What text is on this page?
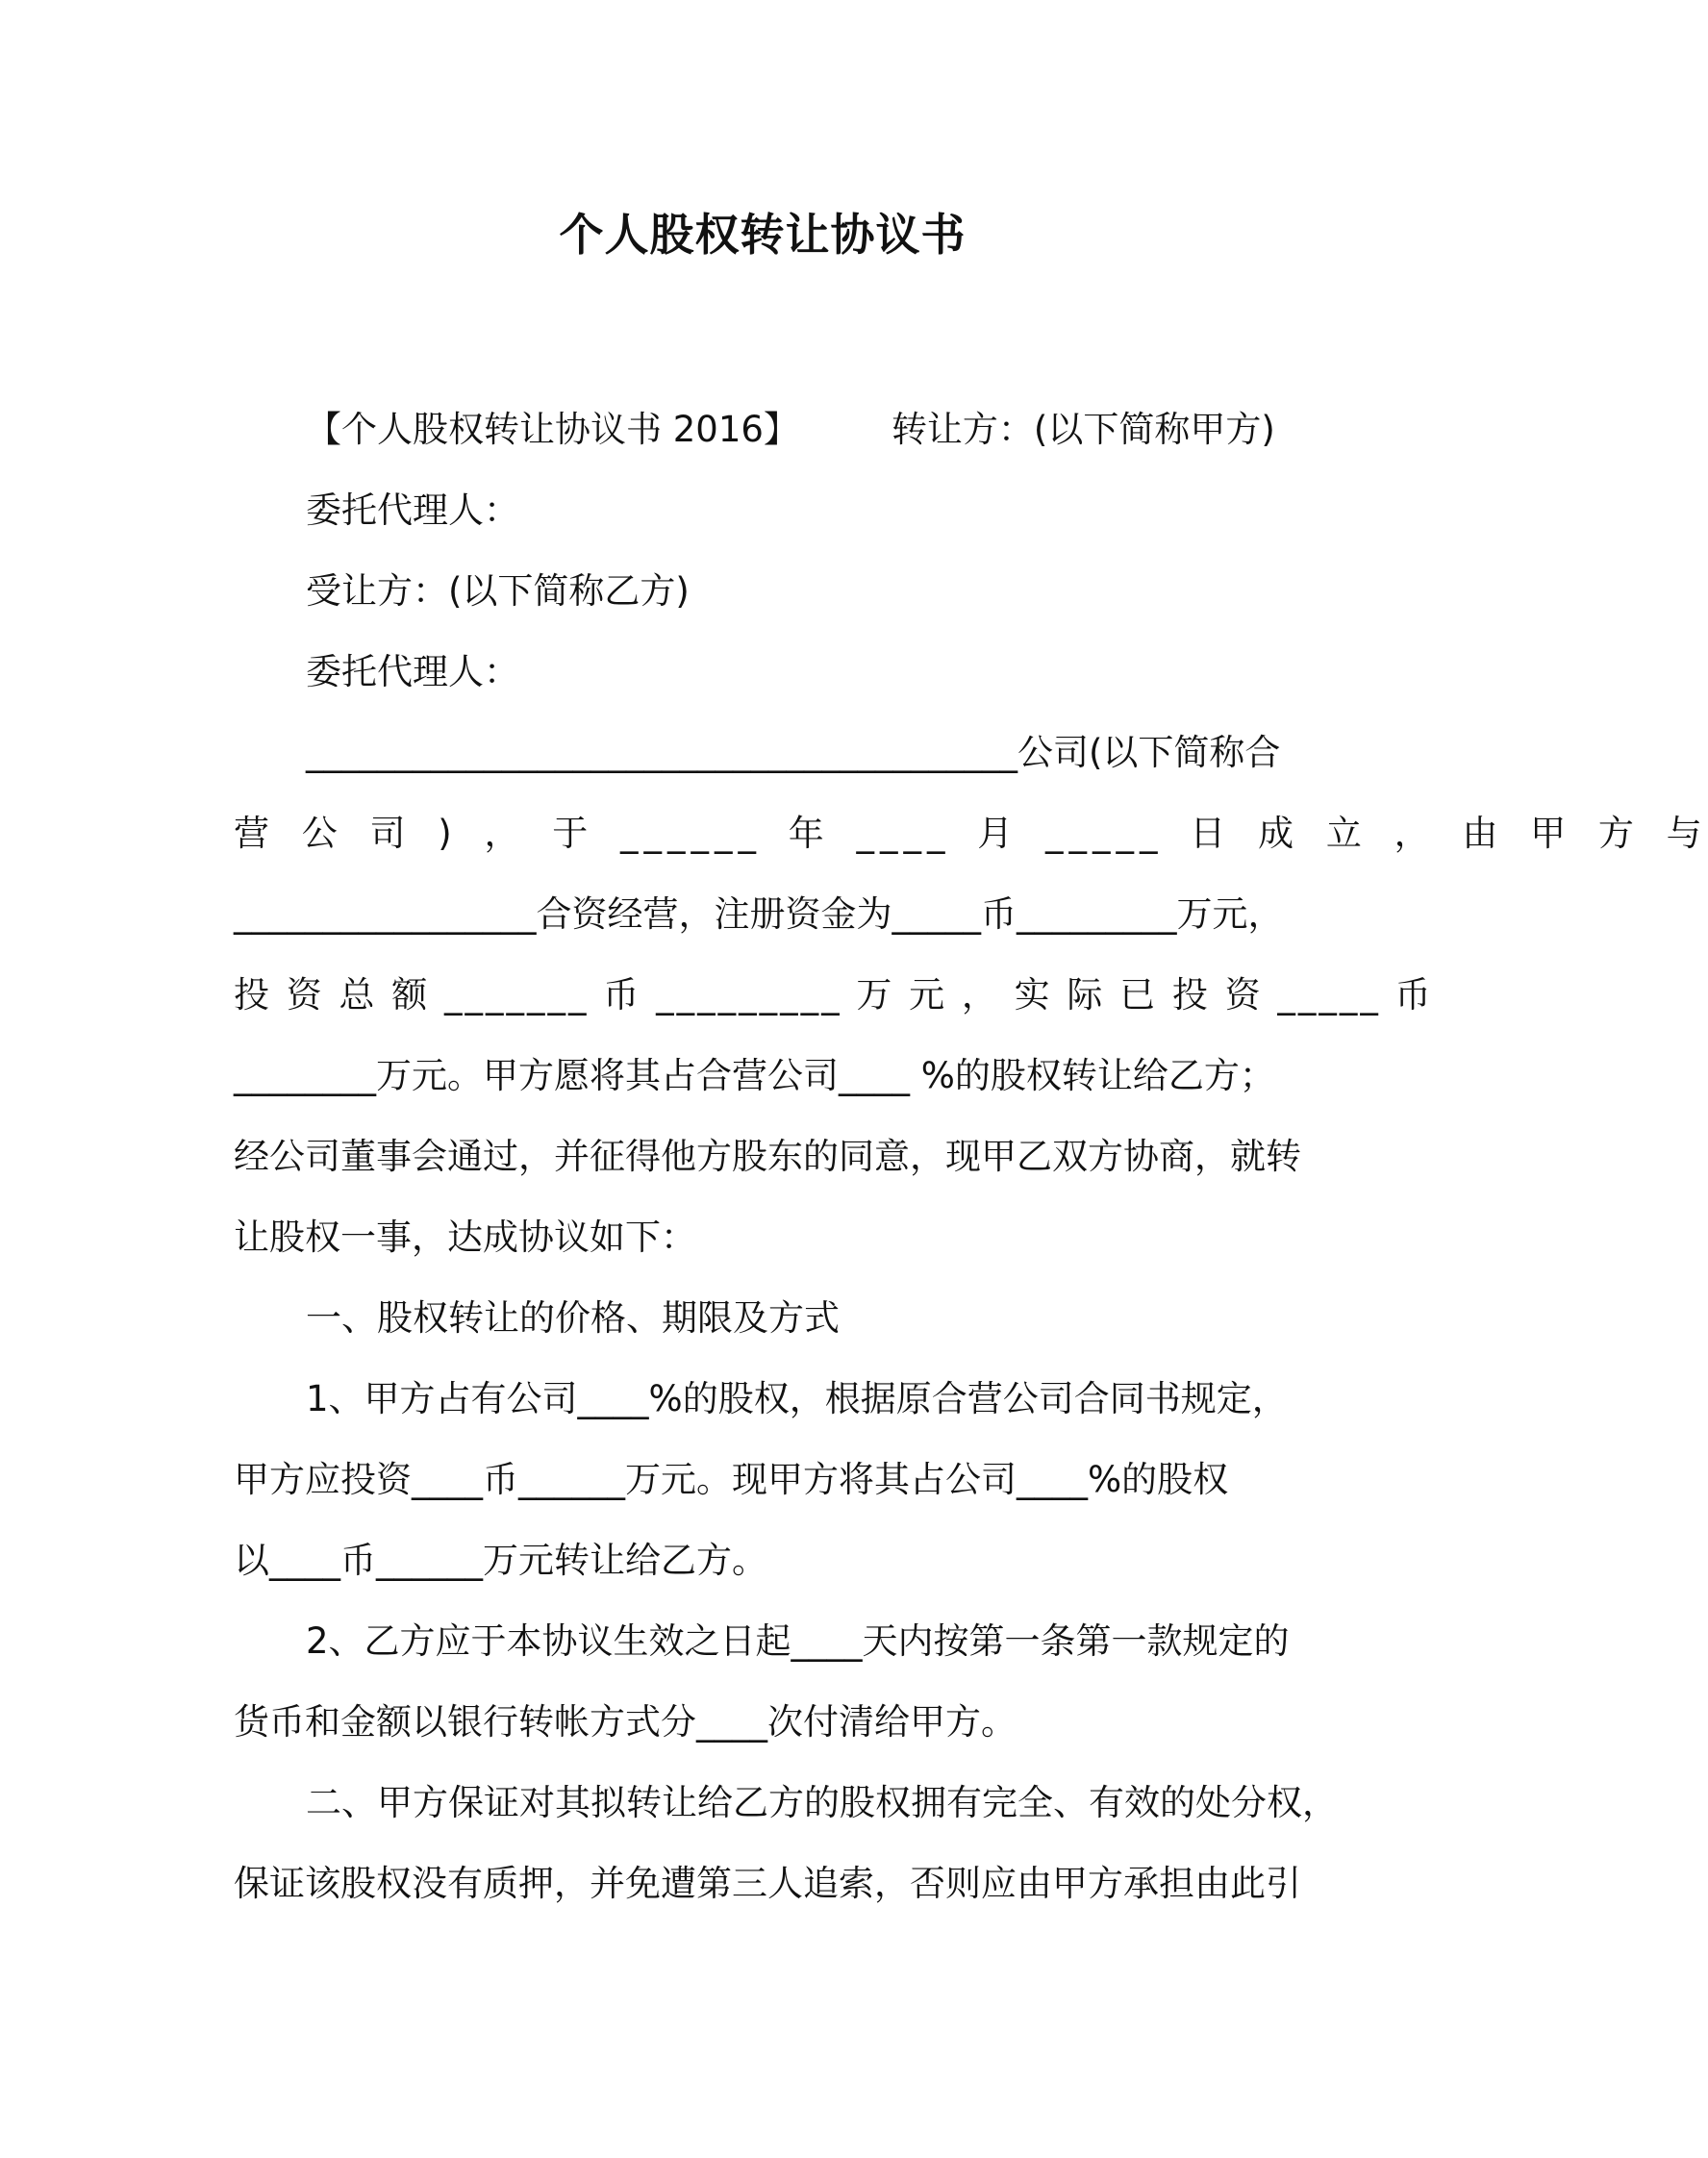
个人股权转让协议书

【个人股权转让协议书 2016】	转让方：(以下简称甲方)

委托代理人：

受让方：(以下简称乙方)

委托代理人：

________________________________________公司(以下简称合

营 公 司 ) ， 于 ______ 年 ____ 月 _____ 日 成 立 ， 由 甲 方 与

_________________合资经营，注册资金为_____币_________万元，

投 资 总 额 _______ 币 _________ 万 元 ， 实 际 已 投 资 _____ 币

________万元。甲方愿将其占合营公司____ %的股权转让给乙方；

经公司董事会通过，并征得他方股东的同意，现甲乙双方协商，就转

让股权一事，达成协议如下：

一、股权转让的价格、期限及方式

1、甲方占有公司____%的股权，根据原合营公司合同书规定，

甲方应投资____币______万元。现甲方将其占公司____%的股权

以____币______万元转让给乙方。

2、乙方应于本协议生效之日起____天内按第一条第一款规定的

货币和金额以银行转帐方式分____次付清给甲方。

二、甲方保证对其拟转让给乙方的股权拥有完全、有效的处分权，

保证该股权没有质押，并免遭第三人追索，否则应由甲方承担由此引
